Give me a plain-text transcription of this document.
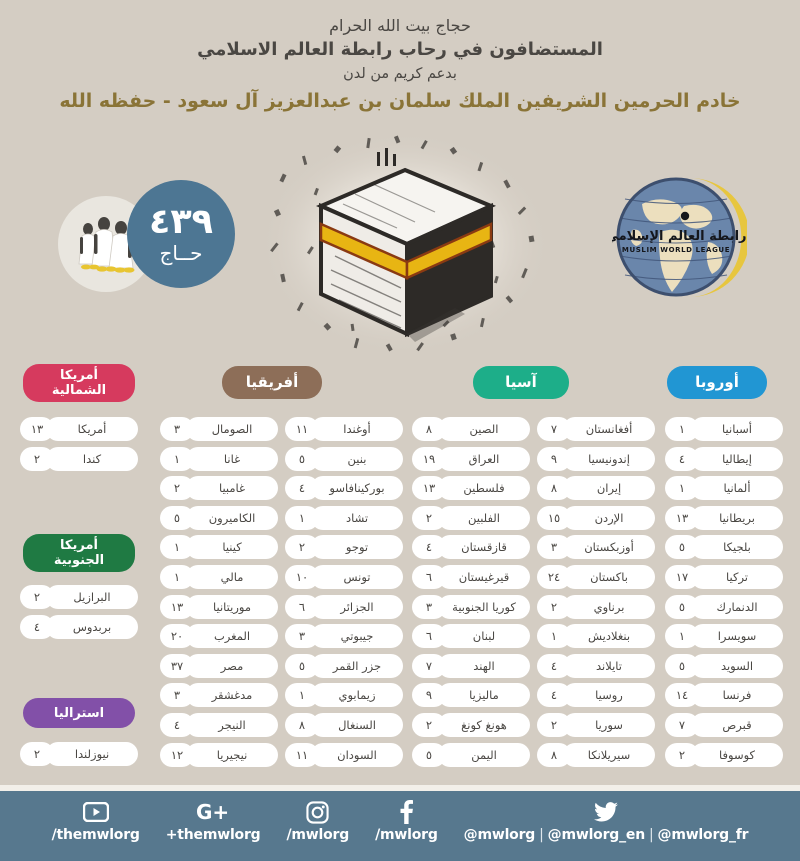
حجاج بيت الله الحرام
المستضافون في رحاب رابطة العالم الاسلامي
بدعم كريم من لدن
خادم الحرمين الشريفين الملك سلمان بن عبدالعزيز آل سعود - حفظه الله
٤٣٩
حــاج
رابطة العالم الإسلامي
MUSLIM WORLD LEAGUE
أمريكا
الشمالية
أمريكا
الجنوبية
استراليا
أفريقيا	آسيا	أوروبا
أمريكا
١٣
كندا
٢
البرازيل
٢
بربدوس
٤
نيوزلندا
٢
الصومال
٣
غانا
١
غامبيا
٢
الكاميرون
٥
كينيا
١
مالي
١
موريتانيا
١٣
المغرب
٢٠
مصر
٣٧
مدغشقر
٣
النيجر
٤
نيجيريا
١٢
أوغندا
١١
بنين
٥
بوركينافاسو
٤
تشاد
١
توجو
٢
تونس
١٠
الجزائر
٦
جيبوتي
٣
جزر القمر
٥
زيمابوي
١
السنغال
٨
السودان
١١
الصين
٨
العراق
١٩
فلسطين
١٣
الفلبين
٢
قازقستان
٤
قيرغيستان
٦
كوريا الجنوبية
٣
لبنان
٦
الهند
٧
ماليزيا
٩
هونغ كونغ
٢
اليمن
٥
أفغانستان
٧
إندونيسيا
٩
إيران
٨
الإردن
١٥
أوزبكستان
٣
باكستان
٢٤
برناوي
٢
بنغلاديش
١
تايلاند
٤
روسيا
٤
سوريا
٢
سيريلانكا
٨
أسبانيا
١
إيطاليا
٤
ألمانيا
١
بريطانيا
١٣
بلجيكا
٥
تركيا
١٧
الدنمارك
٥
سويسرا
١
السويد
٥
فرنسا
١٤
قبرص
٧
كوسوفا
٢
@mwlorg | @mwlorg_en | @mwlorg_fr
/mwlorg
/mwlorg
G+
+themwlorg
/themwlorg
